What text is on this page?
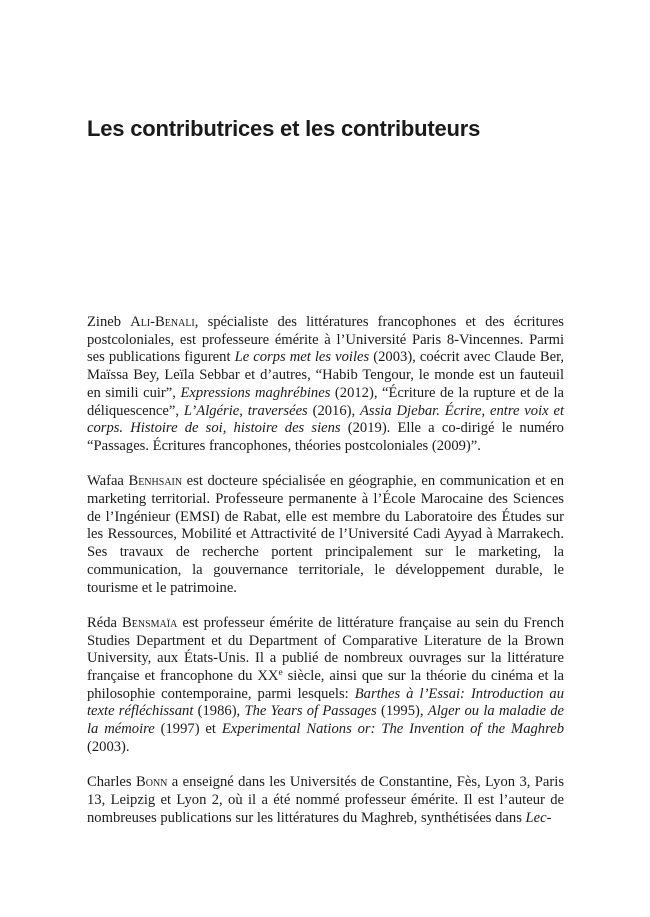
Les contributrices et les contributeurs

Zineb Ali-Benali, spécialiste des littératures francophones et des écritures postcoloniales, est professeure émérite à l’Université Paris 8-Vincennes. Parmi ses publications figurent Le corps met les voiles (2003), coécrit avec Claude Ber, Maïssa Bey, Leïla Sebbar et d’autres, “Habib Tengour, le monde est un fauteuil en simili cuir”, Expressions maghrébines (2012), “Écriture de la rupture et de la déliquescence”, L’Algérie, traversées (2016), Assia Djebar. Écrire, entre voix et corps. Histoire de soi, histoire des siens (2019). Elle a co-dirigé le numéro “Passages. Écritures francophones, théories postcoloniales (2009)”.

Wafaa Benhsain est docteure spécialisée en géographie, en communication et en marketing territorial. Professeure permanente à l’École Marocaine des Sciences de l’Ingénieur (EMSI) de Rabat, elle est membre du Laboratoire des Études sur les Ressources, Mobilité et Attractivité de l’Université Cadi Ayyad à Marrakech. Ses travaux de recherche portent principalement sur le marketing, la communication, la gouvernance territoriale, le développement durable, le tourisme et le patrimoine.

Réda Bensmaïa est professeur émérite de littérature française au sein du French Studies Department et du Department of Comparative Literature de la Brown University, aux États-Unis. Il a publié de nombreux ouvrages sur la littérature française et francophone du XXe siècle, ainsi que sur la théorie du cinéma et la philosophie contemporaine, parmi lesquels: Barthes à l’Essai: Introduction au texte réfléchissant (1986), The Years of Passages (1995), Alger ou la maladie de la mémoire (1997) et Experimental Nations or: The Invention of the Maghreb (2003).

Charles Bonn a enseigné dans les Universités de Constantine, Fès, Lyon 3, Paris 13, Leipzig et Lyon 2, où il a été nommé professeur émérite. Il est l’auteur de nombreuses publications sur les littératures du Maghreb, synthétisées dans Lec-
